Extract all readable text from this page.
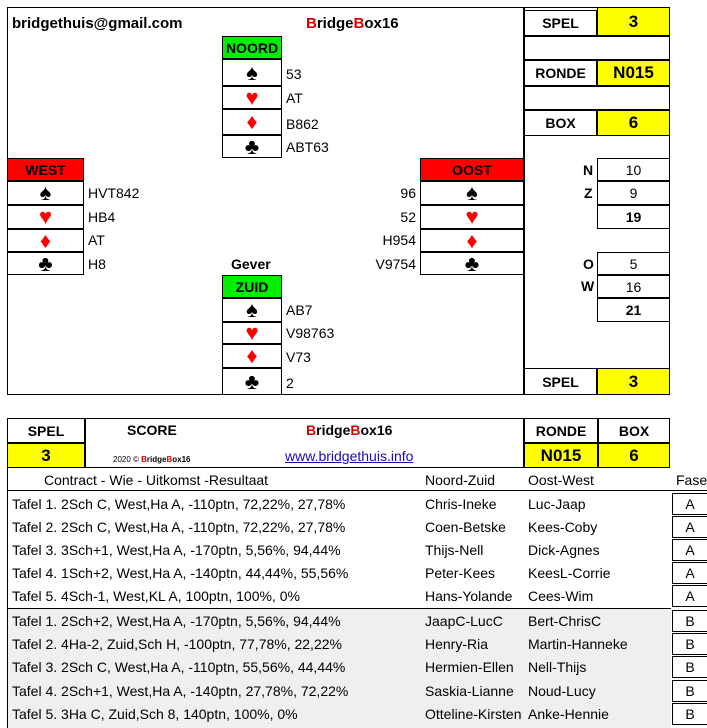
bridgethuis@gmail.com	BridgeBox16
NOORD
♠
♥
♦
♣
53
AT
B862
ABT63
WEST
♠
♥
♦
♣
HVT842
HB4
AT
H8
OOST
♠
♥
♦
♣
96
52
H954
V9754
Gever
ZUID
♠
♥
♦
♣
AB7
V98763
V73
2
SPEL	3
RONDE	N015
BOX	6
N	10
Z	9
19
O	5
W	16
21
SPEL	3
SPEL	SCORE	BridgeBox16	RONDE	BOX
3	2020 © BridgeBox16	www.bridgethuis.info	N015	6
Contract - Wie - Uitkomst -Resultaat	Noord-Zuid Oost-West	Fase
Tafel 1. 2Sch C, West,Ha A, -110ptn, 72,22%, 27,78%	Chris-Ineke	Luc-Jaap	A
Tafel 2. 2Sch C, West,Ha A, -110ptn, 72,22%, 27,78%	Coen-Betske	Kees-Coby	A
Tafel 3. 3Sch+1, West,Ha A, -170ptn, 5,56%, 94,44%	Thijs-Nell	Dick-Agnes	A
Tafel 4. 1Sch+2, West,Ha A, -140ptn, 44,44%, 55,56%	Peter-Kees	KeesL-Corrie	A
Tafel 5. 4Sch-1, West,KL A, 100ptn, 100%, 0%	Hans-Yolande	Cees-Wim	A
Tafel 1. 2Sch+2, West,Ha A, -170ptn, 5,56%, 94,44%	JaapC-LucC	Bert-ChrisC	B
Tafel 2. 4Ha-2, Zuid,Sch H, -100ptn, 77,78%, 22,22%	Henry-Ria	Martin-Hanneke	B
Tafel 3. 2Sch C, West,Ha A, -110ptn, 55,56%, 44,44%	Hermien-Ellen	Nell-Thijs	B
Tafel 4. 2Sch+1, West,Ha A, -140ptn, 27,78%, 72,22%	Saskia-Lianne	Noud-Lucy	B
Tafel 5. 3Ha C, Zuid,Sch 8, 140ptn, 100%, 0%	Otteline-Kirsten Anke-Hennie	B
